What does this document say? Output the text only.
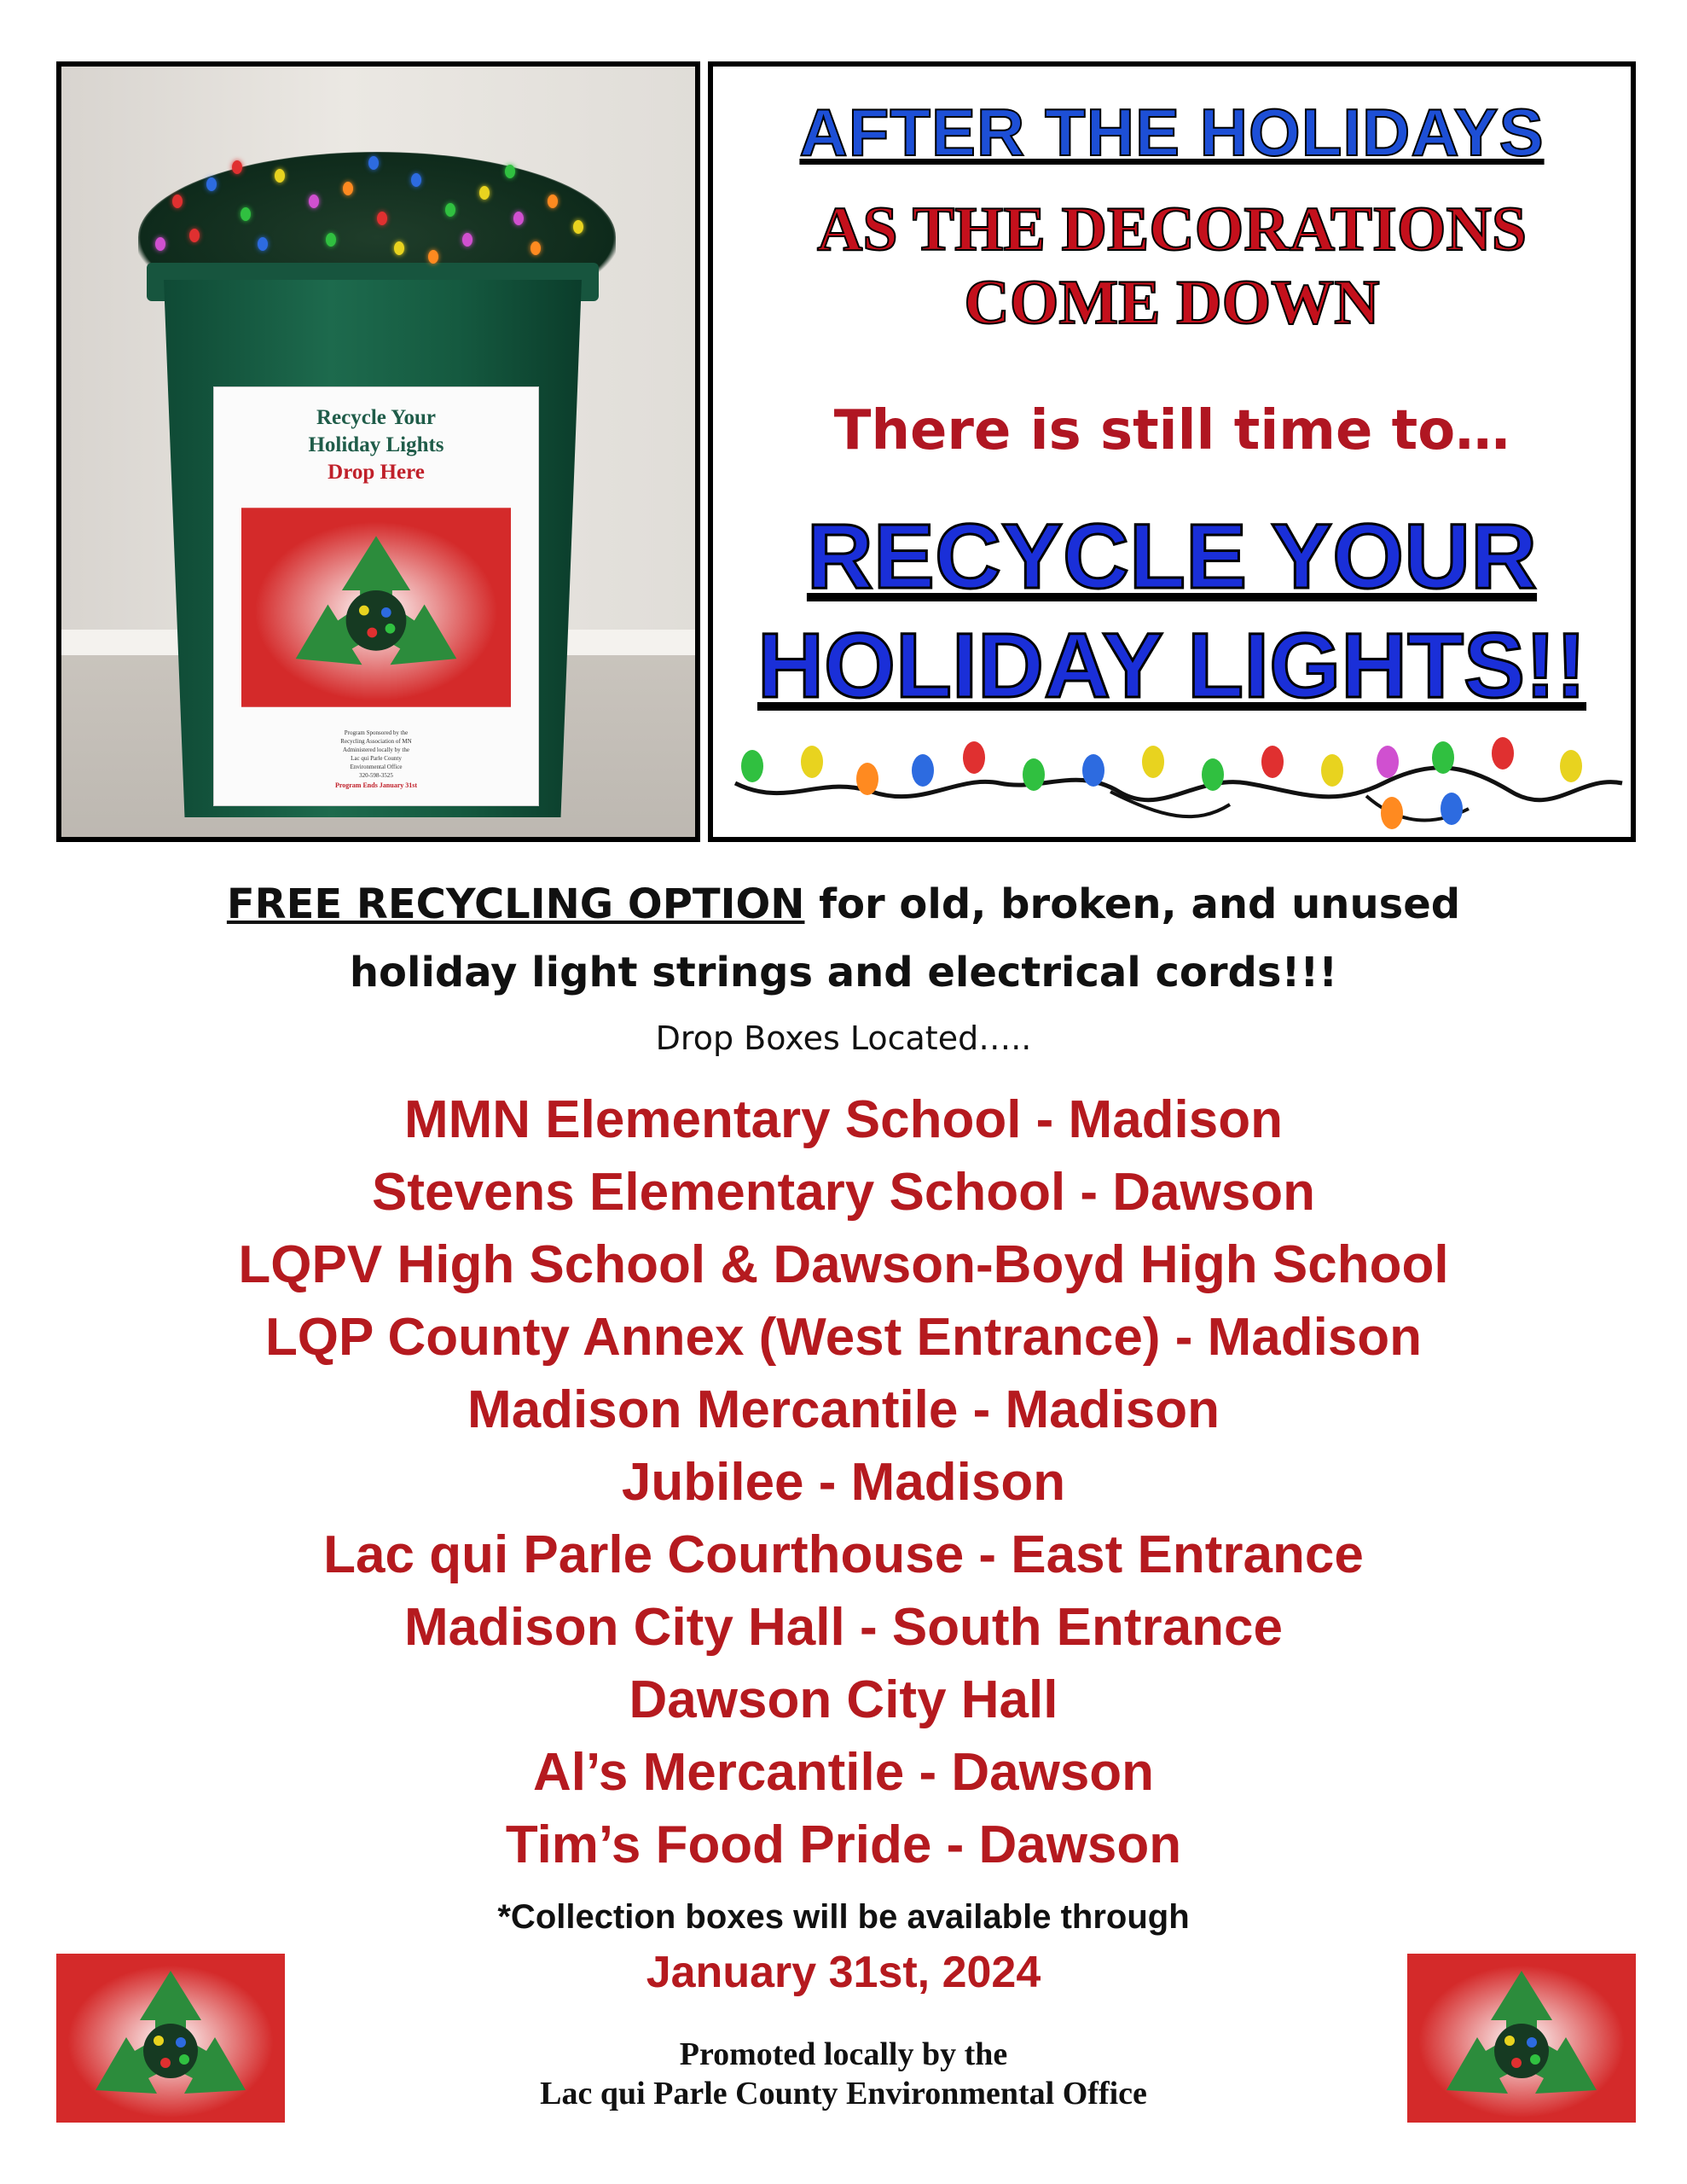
Recycle Your
Holiday Lights
Drop Here
Program Sponsored by the
Recycling Association of MN
Administered locally by the
Lac qui Parle County
Environmental Office
320-598-3525
Program Ends January 31st
AFTER THE HOLIDAYS
AS THE DECORATIONS
COME DOWN
There is still time to…
RECYCLE YOUR
HOLIDAY LIGHTS!!
FREE RECYCLING OPTION for old, broken, and unused
holiday light strings and electrical cords!!!
Drop Boxes Located…..
MMN Elementary School - Madison
Stevens Elementary School - Dawson
LQPV High School & Dawson-Boyd High School
LQP County Annex (West Entrance) - Madison
Madison Mercantile - Madison
Jubilee - Madison
Lac qui Parle Courthouse - East Entrance
Madison City Hall - South Entrance
Dawson City Hall
Al’s Mercantile - Dawson
Tim’s Food Pride - Dawson
*Collection boxes will be available through
January 31st, 2024
Promoted locally by the
Lac qui Parle County Environmental Office
